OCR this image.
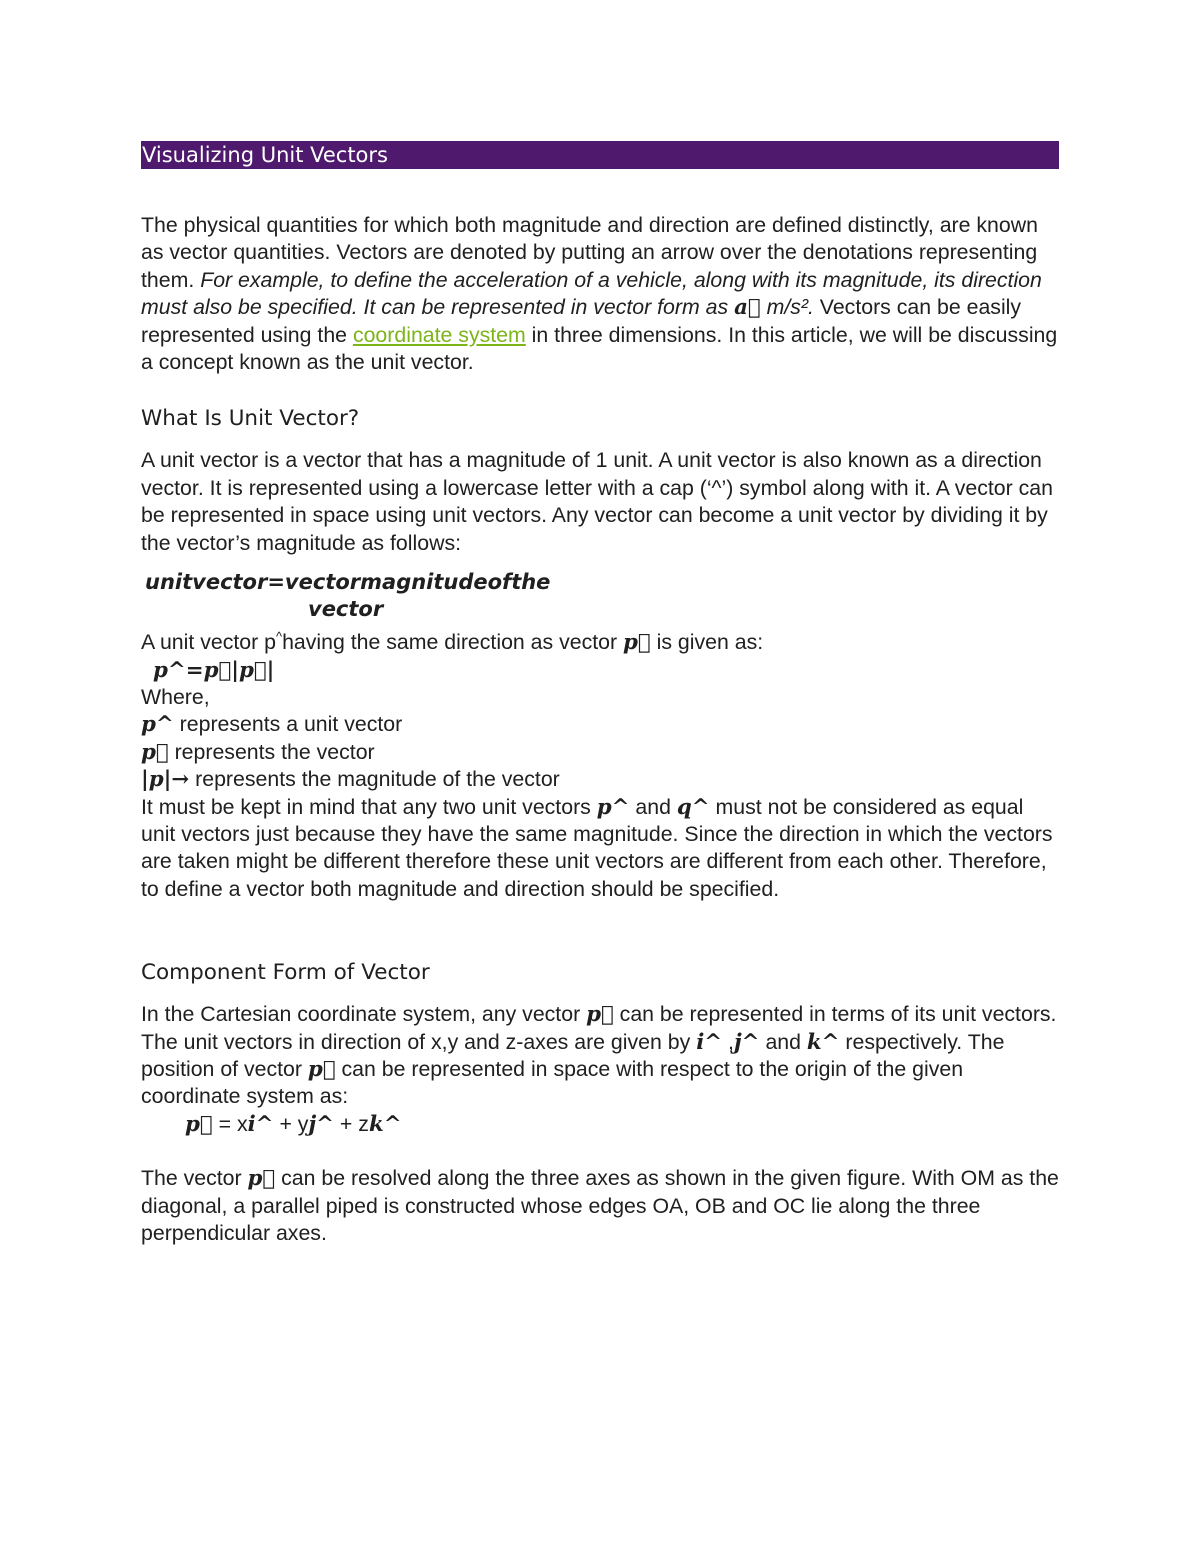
Visualizing Unit Vectors

The physical quantities for which both magnitude and direction are defined distinctly, are known as vector quantities. Vectors are denoted by putting an arrow over the denotations representing them. For example, to define the acceleration of a vehicle, along with its magnitude, its direction must also be specified. It can be represented in vector form as a⃗ m/s². Vectors can be easily represented using the coordinate system in three dimensions. In this article, we will be discussing a concept known as the unit vector.

What Is Unit Vector?

A unit vector is a vector that has a magnitude of 1 unit. A unit vector is also known as a direction vector. It is represented using a lowercase letter with a cap (‘^’) symbol along with it. A vector can be represented in space using unit vectors. Any vector can become a unit vector by dividing it by the vector’s magnitude as follows:

unitvector=vectormagnitudeofthe
vector

A unit vector p^having the same direction as vector p⃗ is given as:

p^=p⃗|p⃗|

Where,

p^ represents a unit vector

p⃗ represents the vector

|p|→ represents the magnitude of the vector

It must be kept in mind that any two unit vectors p^ and q^ must not be considered as equal unit vectors just because they have the same magnitude. Since the direction in which the vectors are taken might be different therefore these unit vectors are different from each other. Therefore, to define a vector both magnitude and direction should be specified.

Component Form of Vector

In the Cartesian coordinate system, any vector p⃗ can be represented in terms of its unit vectors. The unit vectors in direction of x,y and z-axes are given by i^ ,j^ and k^ respectively. The position of vector p⃗ can be represented in space with respect to the origin of the given coordinate system as:

p⃗ = xi^ + yj^ + zk^

The vector p⃗ can be resolved along the three axes as shown in the given figure. With OM as the diagonal, a parallel piped is constructed whose edges OA, OB and OC lie along the three perpendicular axes.
